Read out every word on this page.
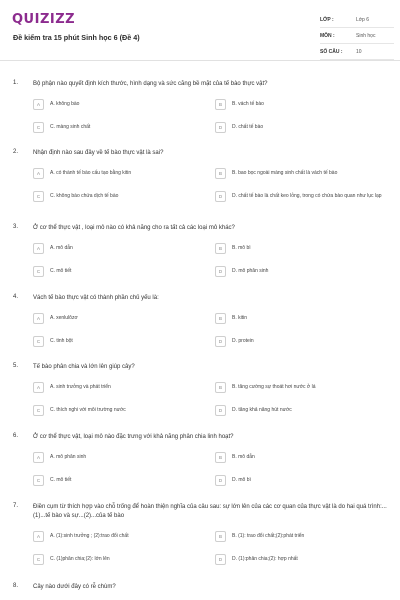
QUIZIZZ
Đề kiểm tra 15 phút Sinh học 6 (Đề 4)
LỚP :	Lớp 6
MÔN :	Sinh học
SỐ CÂU :	10
1. Bộ phận nào quyết định kích thước, hình dạng và sức căng bề mặt của tế bào thực vật?
A	A. không bào	B	B. vách tế bào
C	C. màng sinh chất	D	D. chất tế bào
2. Nhận định nào sau đây về tế bào thực vật là sai?
A	A. có thành tế bào cấu tạo bằng kitin	B	B. bao bọc ngoài màng sinh chất là vách tế bào
C	C. không bào chứa dịch tế bào	D	D. chất tế bào là chất keo lỏng, trong có chứa bào quan như lục lạp
3. Ở cơ thể thực vật , loại mô nào có khả năng cho ra tất cả các loại mô khác?
A	A. mô dẫn	B	B. mô bì
C	C. mô tiết	D	D. mô phân sinh
4. Vách tế bào thực vật có thành phần chủ yếu là:
A	A. xenlulôzơ	B	B. kitin
C	C. tinh bột	D	D. protein
5. Tế bào phân chia và lớn lên giúp cây?
A	A. sinh trưởng và phát triển	B	B. tăng cường sự thoát hơi nước ở lá
C	C. thích nghi với môi trường nước	D	D. tăng khả năng hút nước
6. Ở cơ thể thực vật, loại mô nào đặc trưng với khả năng phân chia linh hoạt?
A	A. mô phân sinh	B	B. mô dẫn
C	C. mô tiết	D	D. mô bì
7. Điền cụm từ thích hợp vào chỗ trống để hoàn thiện nghĩa của câu sau: sự lớn lên của các cơ quan của thực vật là do hai quá trình:...(1)...tế bào và sự...(2)...của tế bào
A	A. (1):sinh trưởng ; (2):trao đổi chất	B	B. (1): trao đổi chất;(2):phát triển
C	C. (1)phân chia;(2): lớn lên	D	D. (1):phân chia;(2): hợp nhất
8. Cây nào dưới đây có rễ chùm?
